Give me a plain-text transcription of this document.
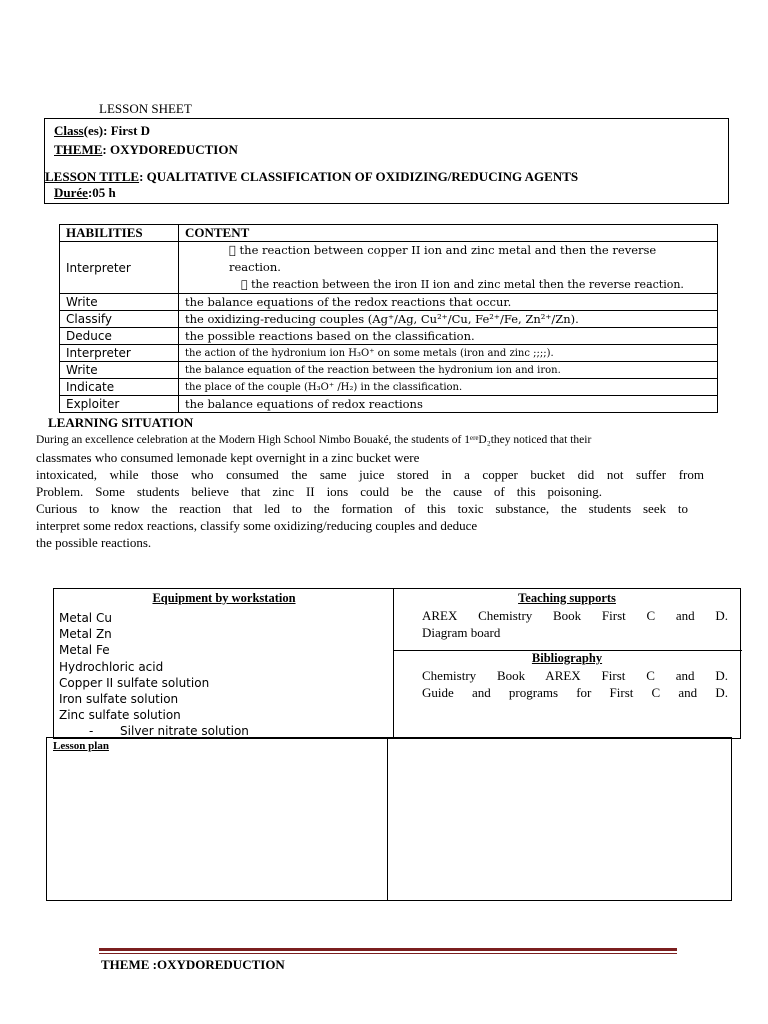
LESSON SHEET
Class(es): First D
THEME: OXYDOREDUCTION
LESSON TITLE: QUALITATIVE CLASSIFICATION OF OXIDIZING/REDUCING AGENTS
Durée:05 h
HABILITIES	CONTENT
Interpreter	the reaction between copper II ion and zinc metal and then the reverse reaction.
the reaction between the iron II ion and zinc metal then the reverse reaction.

Write	the balance equations of the redox reactions that occur.
Classify	the oxidizing-reducing couples (Ag⁺/Ag, Cu²⁺/Cu, Fe²⁺/Fe, Zn²⁺/Zn).
Deduce	the possible reactions based on the classification.
Interpreter	the action of the hydronium ion H₃O⁺ on some metals (iron and zinc ;;;;).
Write	the balance equation of the reaction between the hydronium ion and iron.
Indicate	the place of the couple (H₃O⁺ /H₂) in the classification.
Exploiter	the balance equations of redox reactions
LEARNING SITUATION
During an excellence celebration at the Modern High School Nimbo Bouaké, the students of 1ᵉʳᵉD₂they noticed that their
classmates who consumed lemonade kept overnight in a zinc bucket were
intoxicated, while those who consumed the same juice stored in a copper bucket did not suffer from
Problem. Some students believe that zinc II ions could be the cause of this poisoning.
Curious to know the reaction that led to the formation of this toxic substance, the students seek to
interpret some redox reactions, classify some oxidizing/reducing couples and deduce
the possible reactions.
Equipment by workstation
Metal Cu
Metal Zn
Metal Fe
Hydrochloric acid
Copper II sulfate solution
Iron sulfate solution
Zinc sulfate solution
-       Silver nitrate solution
Teaching supports
AREX Chemistry Book First C and D.
Diagram board
Bibliography
Chemistry Book AREX First C and D.
Guide and programs for First C and D.
Lesson plan
THEME :OXYDOREDUCTION
